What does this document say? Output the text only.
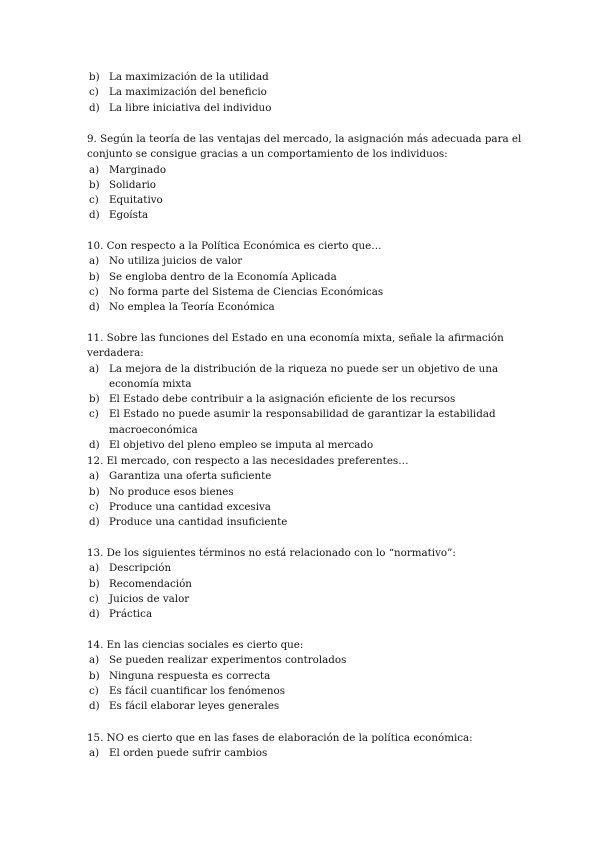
b) La maximización de la utilidad
c) La maximización del beneficio
d) La libre iniciativa del individuo

9. Según la teoría de las ventajas del mercado, la asignación más adecuada para el conjunto se consigue gracias a un comportamiento de los individuos:

a) Marginado
b) Solidario
c) Equitativo
d) Egoísta

10. Con respecto a la Política Económica es cierto que…

a) No utiliza juicios de valor
b) Se engloba dentro de la Economía Aplicada
c) No forma parte del Sistema de Ciencias Económicas
d) No emplea la Teoría Económica

11. Sobre las funciones del Estado en una economía mixta, señale la afirmación verdadera:

a) La mejora de la distribución de la riqueza no puede ser un objetivo de una economía mixta
b) El Estado debe contribuir a la asignación eficiente de los recursos
c) El Estado no puede asumir la responsabilidad de garantizar la estabilidad macroeconómica
d) El objetivo del pleno empleo se imputa al mercado

12. El mercado, con respecto a las necesidades preferentes…

a) Garantiza una oferta suficiente
b) No produce esos bienes
c) Produce una cantidad excesiva
d) Produce una cantidad insuficiente

13. De los siguientes términos no está relacionado con lo “normativo”:

a) Descripción
b) Recomendación
c) Juicios de valor
d) Práctica

14. En las ciencias sociales es cierto que:

a) Se pueden realizar experimentos controlados
b) Ninguna respuesta es correcta
c) Es fácil cuantificar los fenómenos
d) Es fácil elaborar leyes generales

15. NO es cierto que en las fases de elaboración de la política económica:

a) El orden puede sufrir cambios
